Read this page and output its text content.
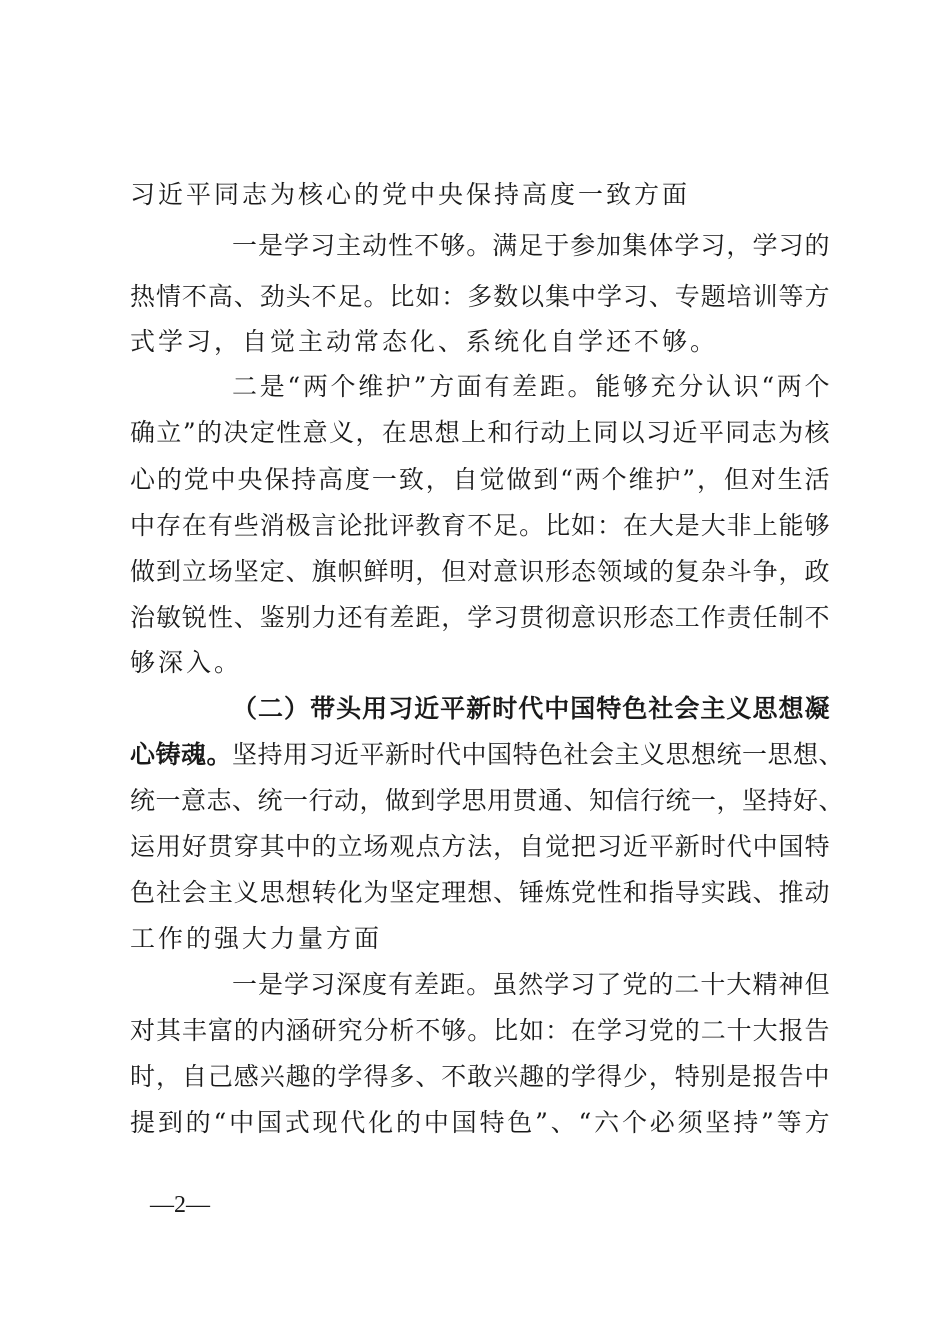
习近平同志为核心的党中央保持高度一致方面
一是学习主动性不够。满足于参加集体学习，学习的
热情不高、劲头不足。比如：多数以集中学习、专题培训等方
式学习，自觉主动常态化、系统化自学还不够。
二是“两个维护”方面有差距。能够充分认识“两个
确立”的决定性意义，在思想上和行动上同以习近平同志为核
心的党中央保持高度一致，自觉做到“两个维护”，但对生活
中存在有些消极言论批评教育不足。比如：在大是大非上能够
做到立场坚定、旗帜鲜明，但对意识形态领域的复杂斗争，政
治敏锐性、鉴别力还有差距，学习贯彻意识形态工作责任制不
够深入。
（二）带头用习近平新时代中国特色社会主义思想凝
心铸魂。坚持用习近平新时代中国特色社会主义思想统一思想、
统一意志、统一行动，做到学思用贯通、知信行统一，坚持好、
运用好贯穿其中的立场观点方法，自觉把习近平新时代中国特
色社会主义思想转化为坚定理想、锤炼党性和指导实践、推动
工作的强大力量方面
一是学习深度有差距。虽然学习了党的二十大精神但
对其丰富的内涵研究分析不够。比如：在学习党的二十大报告
时，自己感兴趣的学得多、不敢兴趣的学得少，特别是报告中
提到的“中国式现代化的中国特色”、“六个必须坚持”等方
—2—
